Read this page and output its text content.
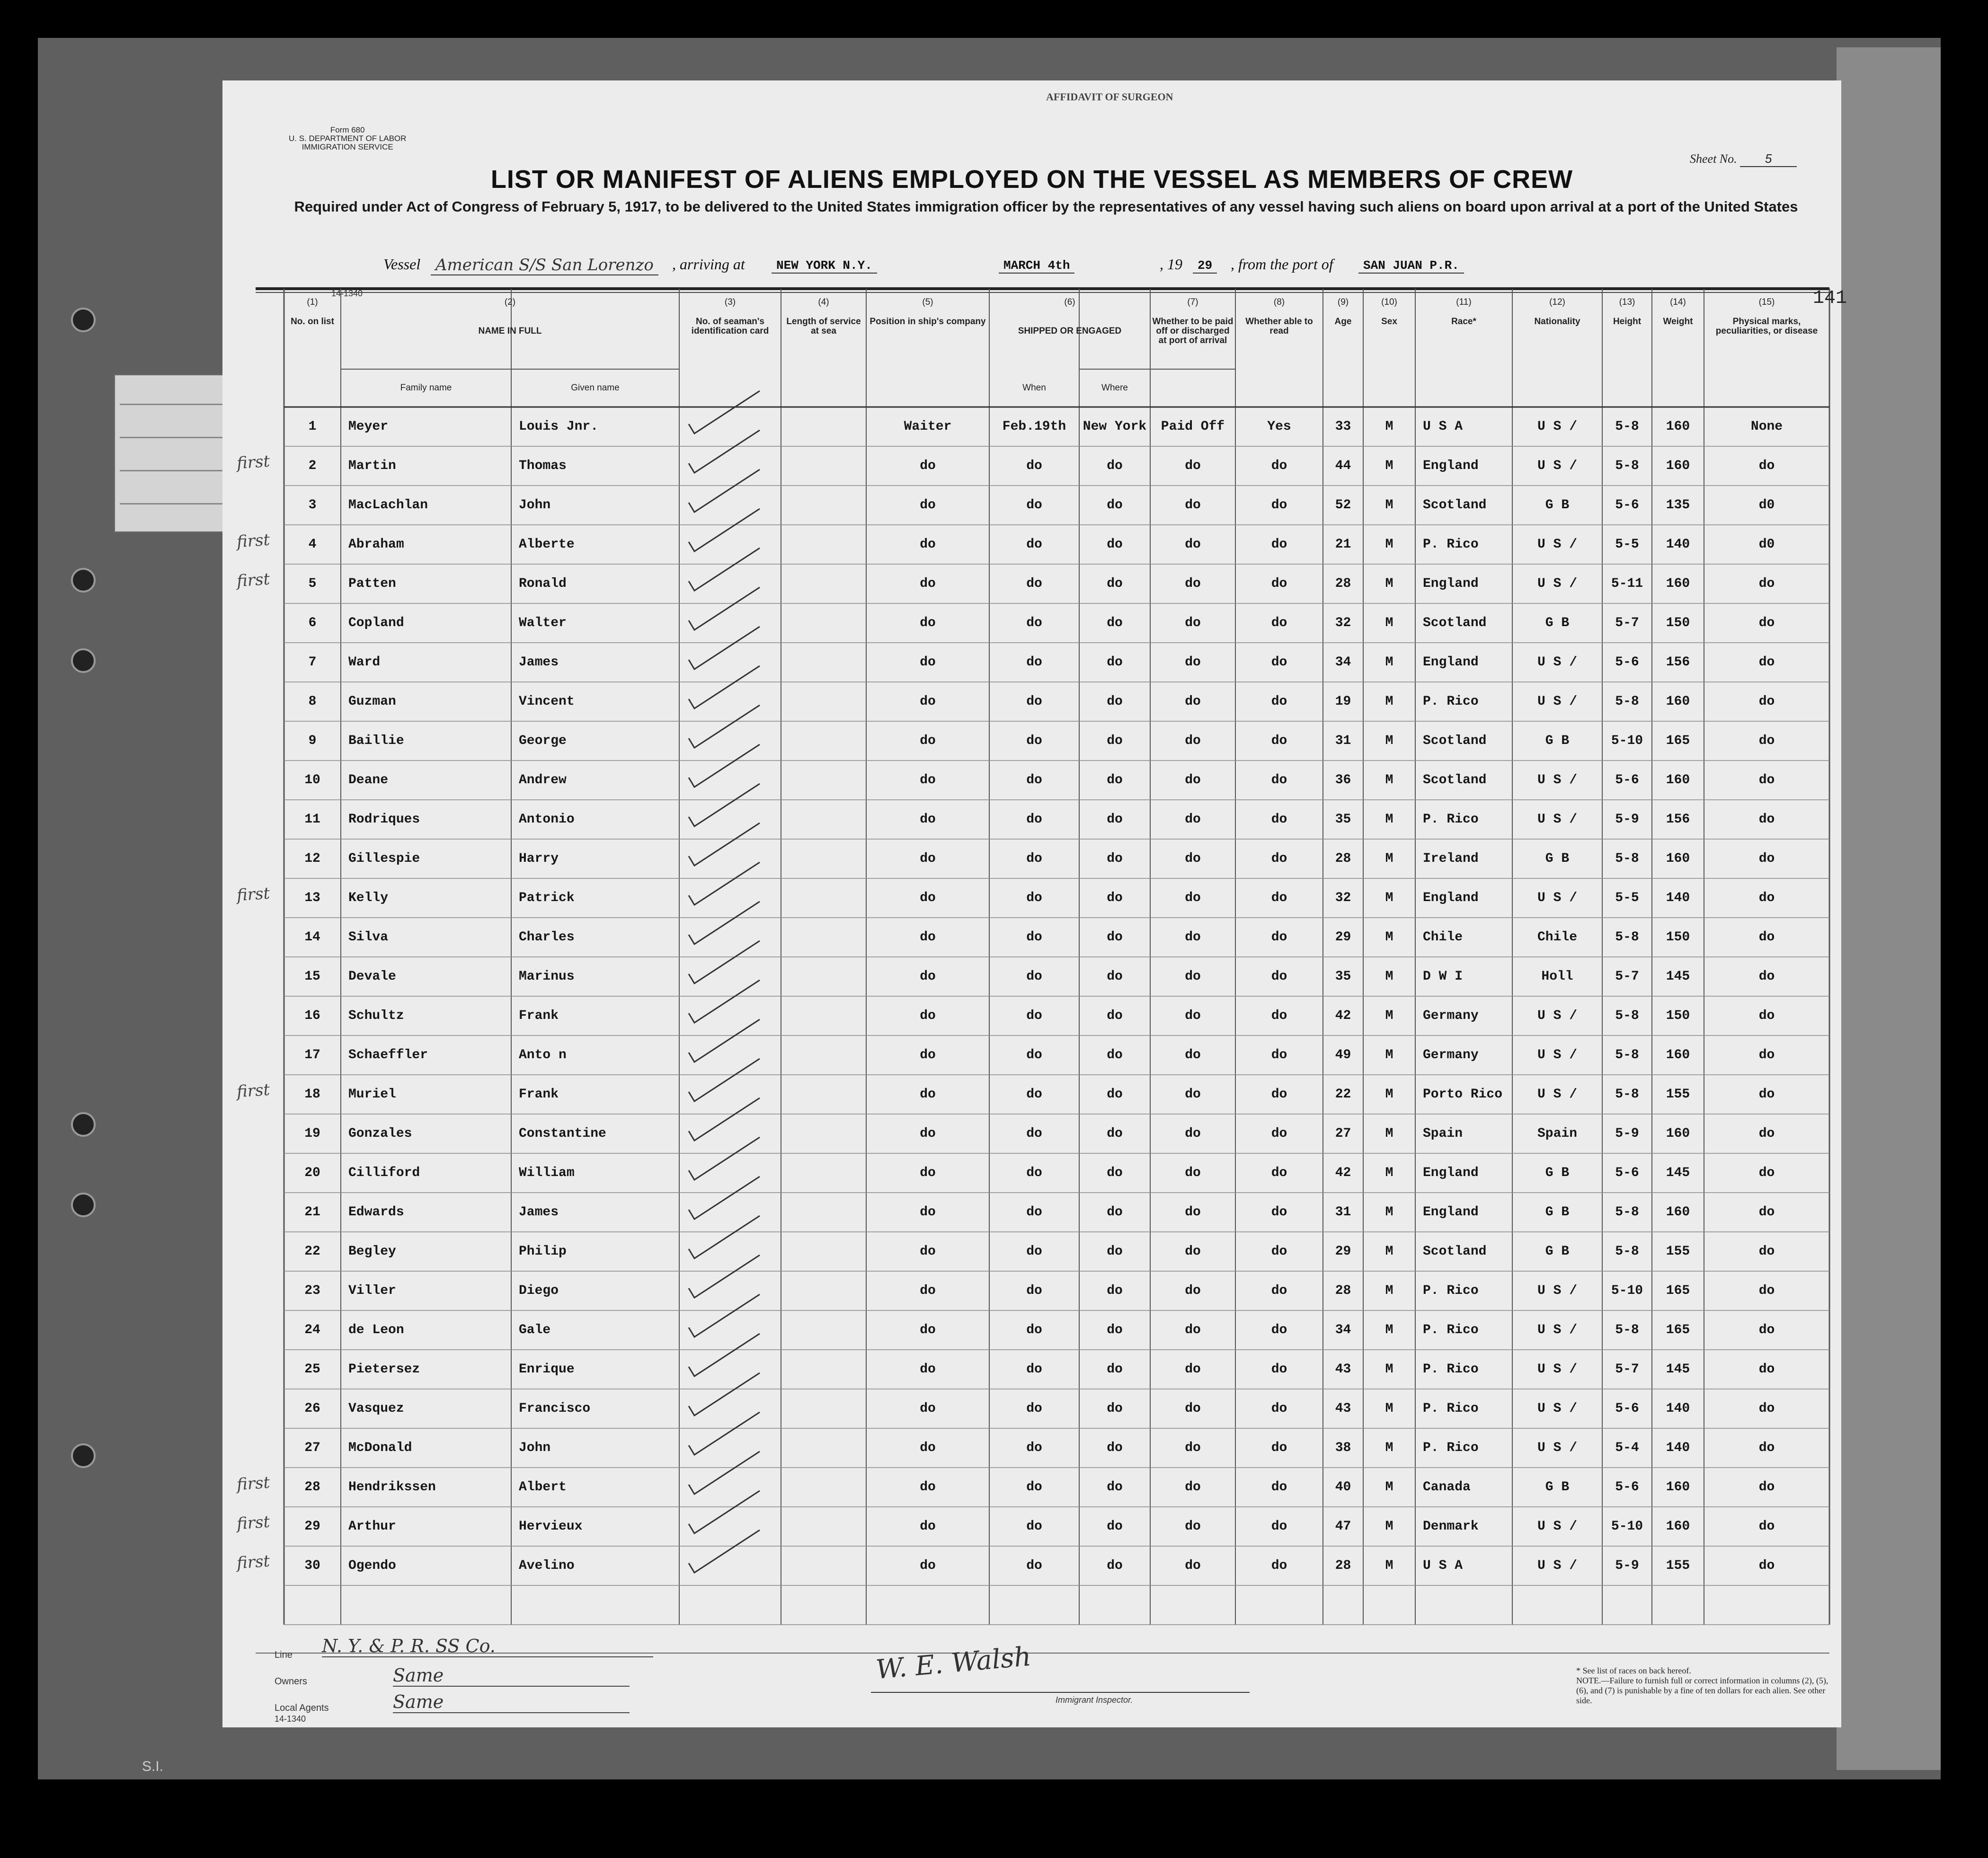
AFFIDAVIT OF SURGEON
Form 680
U. S. DEPARTMENT OF LABOR
IMMIGRATION SERVICE
Sheet No. 5
LIST OR MANIFEST OF ALIENS EMPLOYED ON THE VESSEL AS MEMBERS OF CREW
Required under Act of Congress of February 5, 1917, to be delivered to the United States immigration officer by the representatives of any vessel having such aliens on board upon arrival at a port of the United States
Vessel American S/S San Lorenzo	, arriving at	NEW YORK N.Y.	MARCH 4th	, 19	29	, from the port of	SAN JUAN P.R.
141
14-1340
(1)
No. on list
(2)
NAME IN FULL
Family name	Given name
(3)
No. of seaman's identification card
(4)
Length of service at sea
(5)
Position in ship's company
(6)
SHIPPED OR ENGAGED
When	Where
(7)
Whether to be paid off or discharged at port of arrival
(8)
Whether able to read
(9)
Age
(10)
Sex
(11)
Race*
(12)
Nationality
(13)
Height
(14)
Weight
(15)
Physical marks, peculiarities, or disease
1 Meyer	Louis Jnr.	Waiter	Feb.19th New York Paid Off	Yes	33	M U S A	U S /	5-8 160	None
2 Martin	Thomas	do	do	do	do	do	44	M England	U S /	5-8 160	do
first
3 MacLachlan	John	do	do	do	do	do	52	M Scotland	G B	5-6 135	d0
4 Abraham	Alberte	do	do	do	do	do	21	M P. Rico	U S /	5-5 140	d0
first
5 Patten	Ronald	do	do	do	do	do	28	M England	U S /	5-11 160	do
first
6 Copland	Walter	do	do	do	do	do	32	M Scotland	G B	5-7 150	do
7 Ward	James	do	do	do	do	do	34	M England	U S /	5-6 156	do
8 Guzman	Vincent	do	do	do	do	do	19	M P. Rico	U S /	5-8 160	do
9 Baillie	George	do	do	do	do	do	31	M Scotland	G B	5-10 165	do
10 Deane	Andrew	do	do	do	do	do	36	M Scotland	U S /	5-6 160	do
11 Rodriques	Antonio	do	do	do	do	do	35	M P. Rico	U S /	5-9 156	do
12 Gillespie	Harry	do	do	do	do	do	28	M Ireland	G B	5-8 160	do
13 Kelly	Patrick	do	do	do	do	do	32	M England	U S /	5-5 140	do
first
14 Silva	Charles	do	do	do	do	do	29	M Chile	Chile	5-8 150	do
15 Devale	Marinus	do	do	do	do	do	35	M D W I	Holl	5-7 145	do
16 Schultz	Frank	do	do	do	do	do	42	M Germany	U S /	5-8 150	do
17 Schaeffler	Anto n	do	do	do	do	do	49	M Germany	U S /	5-8 160	do
18 Muriel	Frank	do	do	do	do	do	22	M Porto Rico	U S /	5-8 155	do
first
19 Gonzales	Constantine	do	do	do	do	do	27	M Spain	Spain	5-9 160	do
20 Cilliford	William	do	do	do	do	do	42	M England	G B	5-6 145	do
21 Edwards	James	do	do	do	do	do	31	M England	G B	5-8 160	do
22 Begley	Philip	do	do	do	do	do	29	M Scotland	G B	5-8 155	do
23 Viller	Diego	do	do	do	do	do	28	M P. Rico	U S /	5-10 165	do
24 de Leon	Gale	do	do	do	do	do	34	M P. Rico	U S /	5-8 165	do
25 Pietersez	Enrique	do	do	do	do	do	43	M P. Rico	U S /	5-7 145	do
26 Vasquez	Francisco	do	do	do	do	do	43	M P. Rico	U S /	5-6 140	do
27 McDonald	John	do	do	do	do	do	38	M P. Rico	U S /	5-4 140	do
28 Hendrikssen	Albert	do	do	do	do	do	40	M Canada	G B	5-6 160	do
first
29 Arthur	Hervieux	do	do	do	do	do	47	M Denmark	U S /	5-10 160	do
first
30 Ogendo	Avelino	do	do	do	do	do	28	M U S A	U S /	5-9 155	do
first
Line N. Y. & P. R. SS Co.
Owners	Same
Local Agents	Same
14-1340
W. E. Walsh
Immigrant Inspector.
* See list of races on back hereof.
NOTE.—Failure to furnish full or correct information in columns (2), (5), (6), and (7) is punishable by a fine of ten dollars for each alien. See other side.
S.I.
